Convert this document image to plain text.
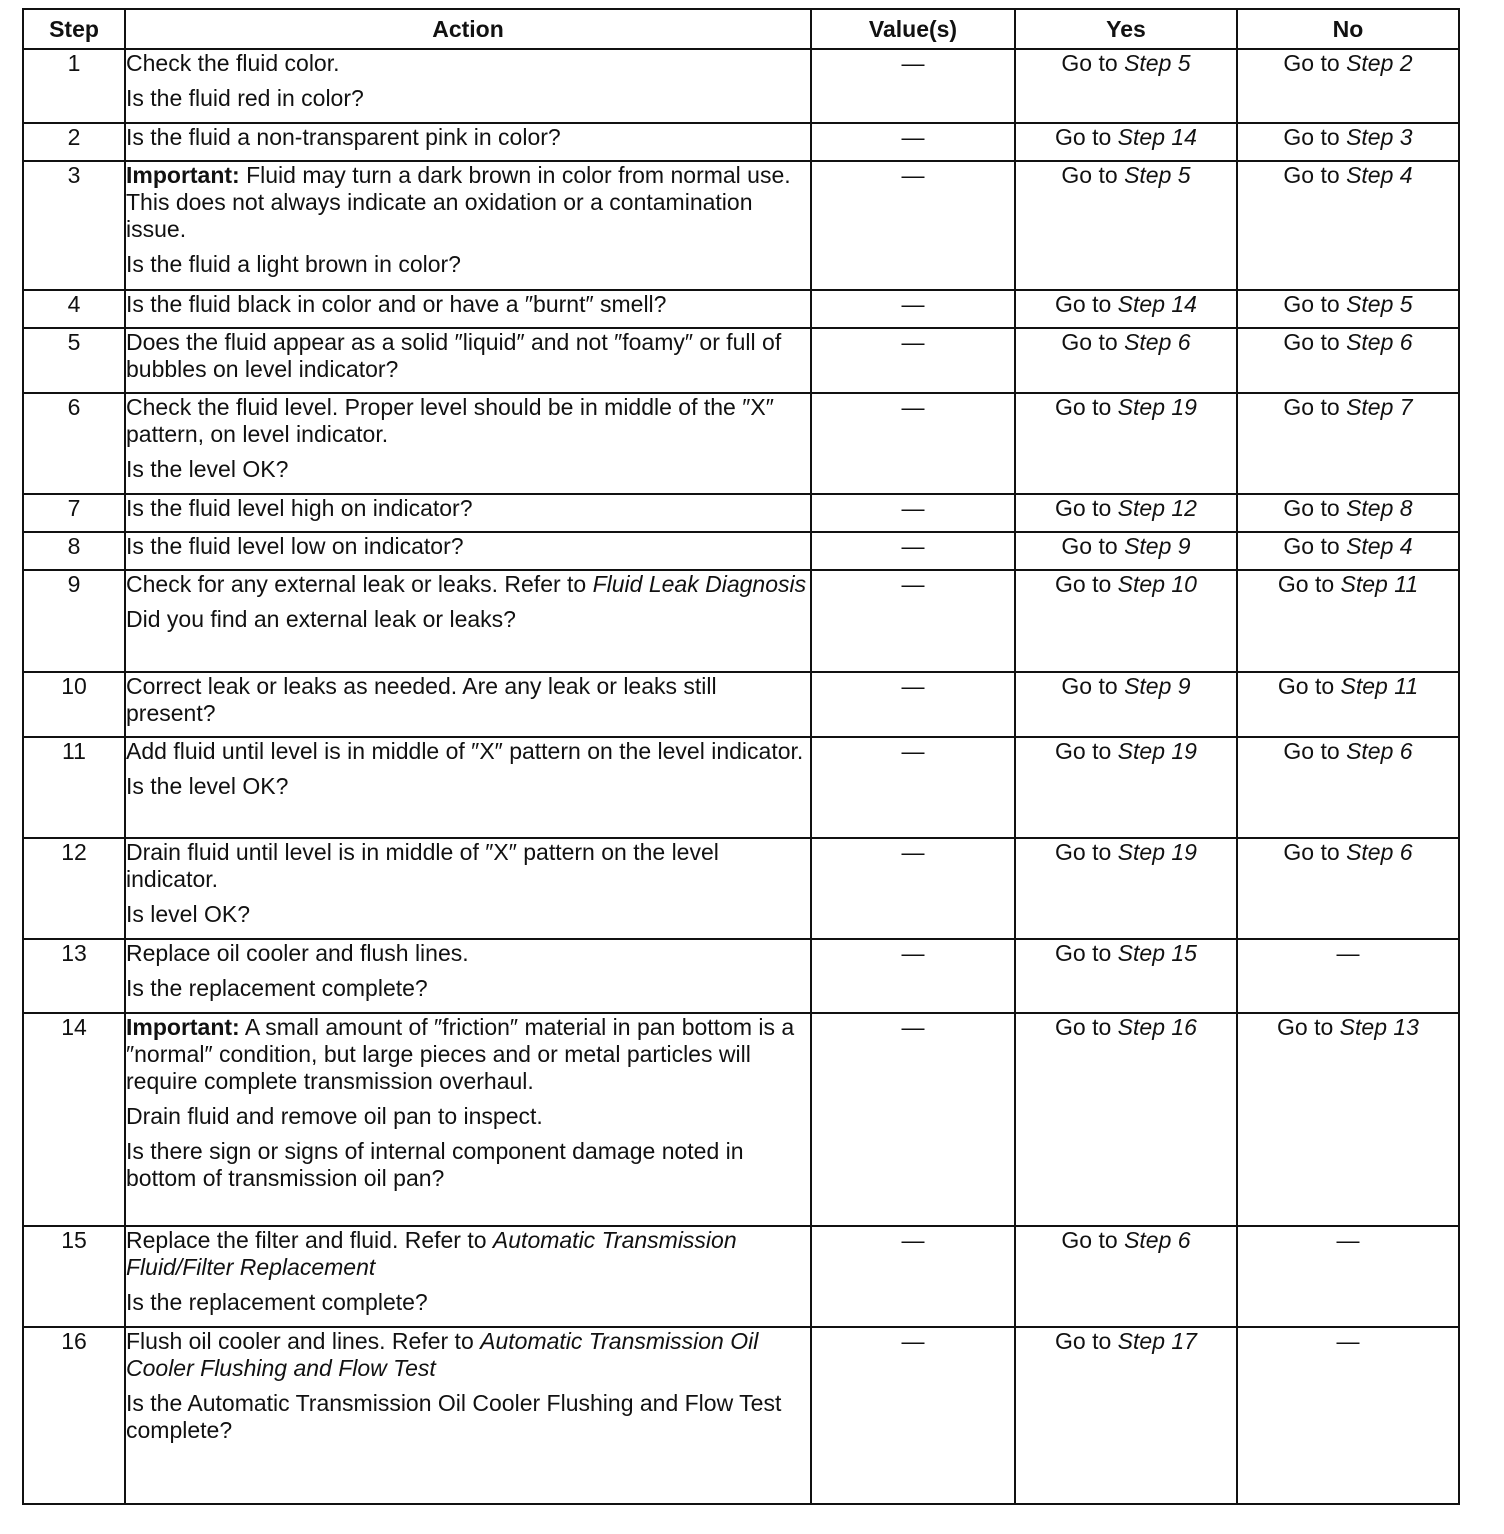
Step	Action	Value(s)	Yes	No
1	Check the fluid color.

Is the fluid red in color?	—	Go to Step 5	Go to Step 2
2	Is the fluid a non-transparent pink in color?	—	Go to Step 14	Go to Step 3
3	Important: Fluid may turn a dark brown in color from normal use. This does not always indicate an oxidation or a contamination issue.

Is the fluid a light brown in color?	—	Go to Step 5	Go to Step 4
4	Is the fluid black in color and or have a ″burnt″ smell?	—	Go to Step 14	Go to Step 5
5	Does the fluid appear as a solid ″liquid″ and not ″foamy″ or full of bubbles on level indicator?	—	Go to Step 6	Go to Step 6
6	Check the fluid level. Proper level should be in middle of the ″X″ pattern, on level indicator.

Is the level OK?	—	Go to Step 19	Go to Step 7
7	Is the fluid level high on indicator?	—	Go to Step 12	Go to Step 8
8	Is the fluid level low on indicator?	—	Go to Step 9	Go to Step 4
9	Check for any external leak or leaks. Refer to Fluid Leak Diagnosis

Did you find an external leak or leaks?	—	Go to Step 10	Go to Step 11
10	Correct leak or leaks as needed. Are any leak or leaks still present?	—	Go to Step 9	Go to Step 11
11	Add fluid until level is in middle of ″X″ pattern on the level indicator.

Is the level OK?	—	Go to Step 19	Go to Step 6
12	Drain fluid until level is in middle of ″X″ pattern on the level indicator.

Is level OK?	—	Go to Step 19	Go to Step 6
13	Replace oil cooler and flush lines.

Is the replacement complete?	—	Go to Step 15	—
14	Important: A small amount of ″friction″ material in pan bottom is a ″normal″ condition, but large pieces and or metal particles will require complete transmission overhaul.

Drain fluid and remove oil pan to inspect.

Is there sign or signs of internal component damage noted in bottom of transmission oil pan?	—	Go to Step 16	Go to Step 13
15	Replace the filter and fluid. Refer to Automatic Transmission Fluid/Filter Replacement

Is the replacement complete?	—	Go to Step 6	—
16	Flush oil cooler and lines. Refer to Automatic Transmission Oil Cooler Flushing and Flow Test

Is the Automatic Transmission Oil Cooler Flushing and Flow Test complete?	—	Go to Step 17	—
